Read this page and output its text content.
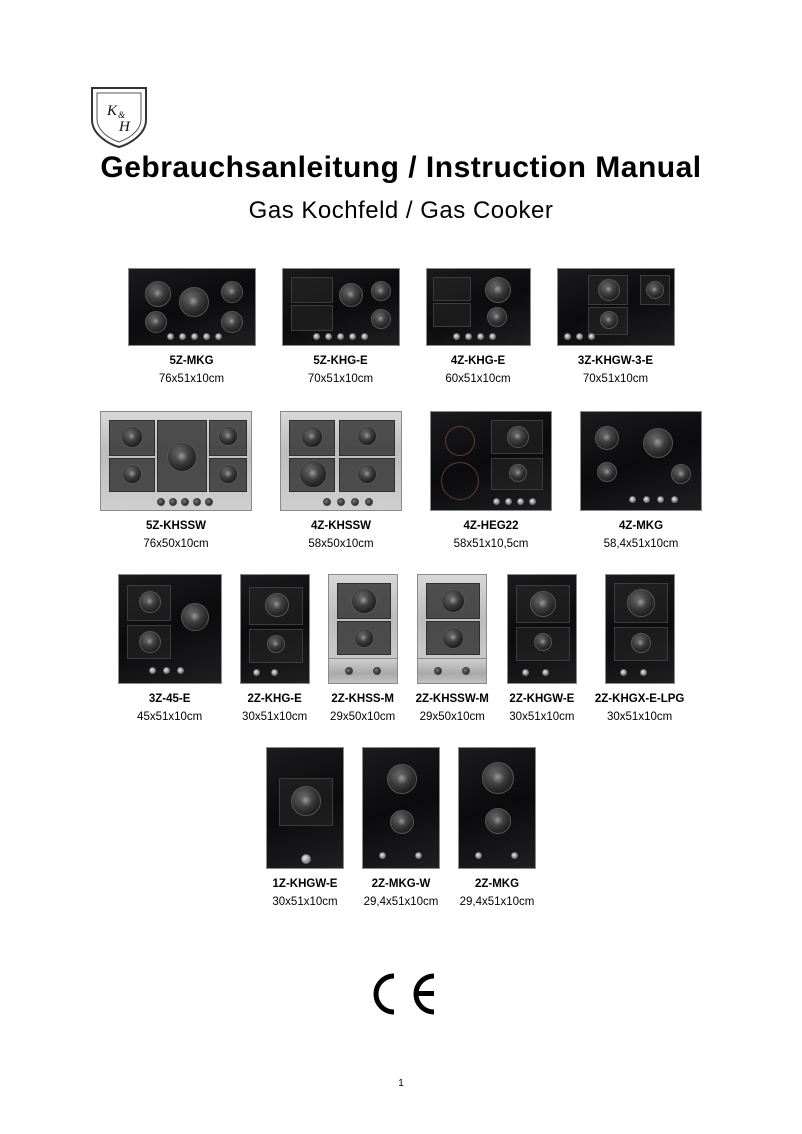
K &
H
Gebrauchsanleitung / Instruction Manual
Gas Kochfeld / Gas Cooker
5Z-MKG
76x51x10cm
5Z-KHG-E
70x51x10cm
4Z-KHG-E
60x51x10cm
3Z-KHGW-3-E
70x51x10cm
5Z-KHSSW
76x50x10cm
4Z-KHSSW
58x50x10cm
4Z-HEG22
58x51x10,5cm
4Z-MKG
58,4x51x10cm
3Z-45-E
45x51x10cm
2Z-KHG-E
30x51x10cm
2Z-KHSS-M
29x50x10cm
2Z-KHSSW-M
29x50x10cm
2Z-KHGW-E
30x51x10cm
2Z-KHGX-E-LPG
30x51x10cm
1Z-KHGW-E
30x51x10cm
2Z-MKG-W
29,4x51x10cm
2Z-MKG
29,4x51x10cm
1
